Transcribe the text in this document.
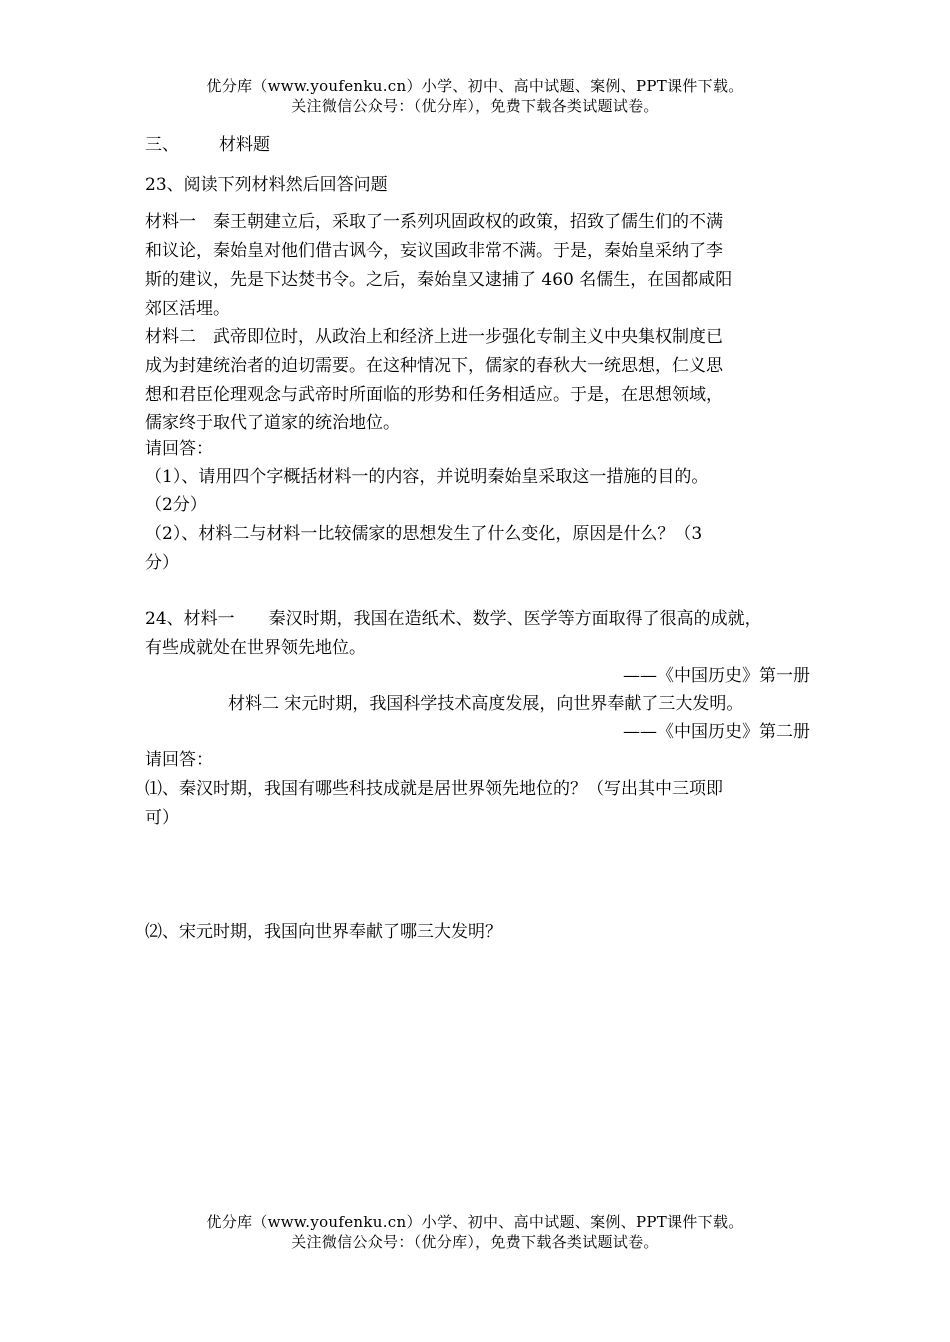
优分库（www.youfenku.cn）小学、初中、高中试题、案例、PPT课件下载。
关注微信公众号：（优分库），免费下载各类试题试卷。
三、 材料题
23、阅读下列材料然后回答问题
材料一　秦王朝建立后，采取了一系列巩固政权的政策，招致了儒生们的不满
和议论，秦始皇对他们借古讽今，妄议国政非常不满。于是，秦始皇采纳了李
斯的建议，先是下达焚书令。之后，秦始皇又逮捕了 460 名儒生，在国都咸阳
郊区活埋。
材料二　武帝即位时，从政治上和经济上进一步强化专制主义中央集权制度已
成为封建统治者的迫切需要。在这种情况下，儒家的春秋大一统思想，仁义思
想和君臣伦理观念与武帝时所面临的形势和任务相适应。于是，在思想领域，
儒家终于取代了道家的统治地位。
请回答：
（1）、请用四个字概括材料一的内容，并说明秦始皇采取这一措施的目的。
（2分）
（2）、材料二与材料一比较儒家的思想发生了什么变化，原因是什么？（3
分）
24、材料一　　秦汉时期，我国在造纸术、数学、医学等方面取得了很高的成就，
有些成就处在世界领先地位。
——《中国历史》第一册
材料二 宋元时期，我国科学技术高度发展，向世界奉献了三大发明。
——《中国历史》第二册
请回答：
⑴、秦汉时期，我国有哪些科技成就是居世界领先地位的？（写出其中三项即
可）
⑵、宋元时期，我国向世界奉献了哪三大发明？
优分库（www.youfenku.cn）小学、初中、高中试题、案例、PPT课件下载。
关注微信公众号：（优分库），免费下载各类试题试卷。
